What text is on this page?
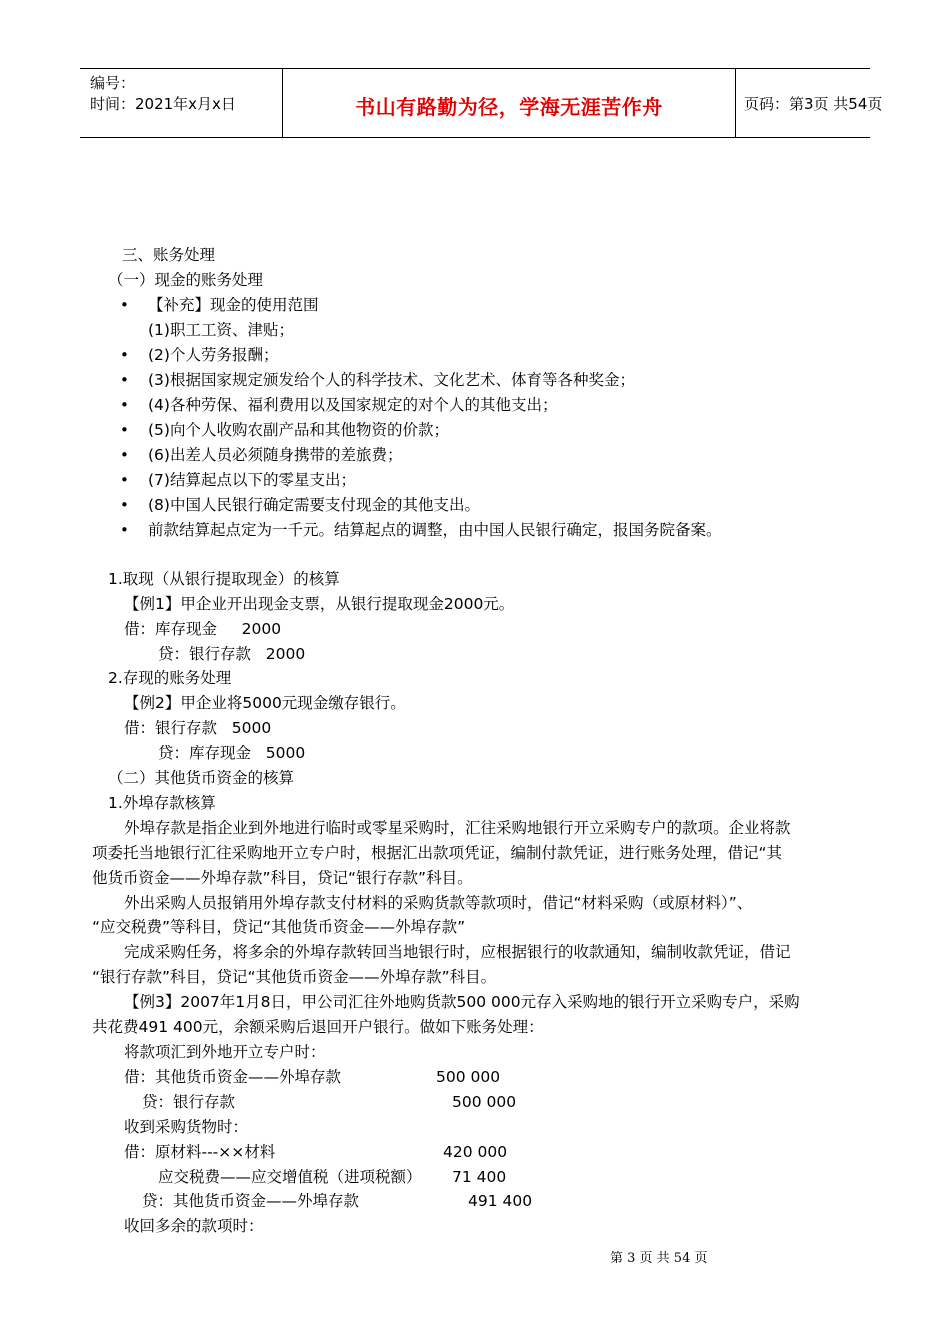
编号：
时间：2021年x月x日	书山有路勤为径，学海无涯苦作舟	页码：第3页 共54页
三、账务处理
（一）现金的账务处理
• 【补充】现金的使用范围
(1)职工工资、津贴；
• (2)个人劳务报酬；
• (3)根据国家规定颁发给个人的科学技术、文化艺术、体育等各种奖金；
• (4)各种劳保、福利费用以及国家规定的对个人的其他支出；
• (5)向个人收购农副产品和其他物资的价款；
• (6)出差人员必须随身携带的差旅费；
• (7)结算起点以下的零星支出；
• (8)中国人民银行确定需要支付现金的其他支出。
• 前款结算起点定为一千元。结算起点的调整，由中国人民银行确定，报国务院备案。
1.取现（从银行提取现金）的核算
【例1】甲企业开出现金支票，从银行提取现金2000元。
借：库存现金     2000
贷：银行存款   2000
2.存现的账务处理
【例2】甲企业将5000元现金缴存银行。
借：银行存款   5000
贷：库存现金   5000
（二）其他货币资金的核算
1.外埠存款核算
外埠存款是指企业到外地进行临时或零星采购时，汇往采购地银行开立采购专户的款项。企业将款
项委托当地银行汇往采购地开立专户时，根据汇出款项凭证，编制付款凭证，进行账务处理，借记“其
他货币资金——外埠存款”科目，贷记“银行存款”科目。
外出采购人员报销用外埠存款支付材料的采购货款等款项时，借记“材料采购（或原材料）”、
“应交税费”等科目，贷记“其他货币资金——外埠存款”
完成采购任务，将多余的外埠存款转回当地银行时，应根据银行的收款通知，编制收款凭证，借记
“银行存款”科目，贷记“其他货币资金——外埠存款”科目。
【例3】2007年1月8日，甲公司汇往外地购货款500 000元存入采购地的银行开立采购专户，采购
共花费491 400元，余额采购后退回开户银行。做如下账务处理：
将款项汇到外地开立专户时：
借：其他货币资金——外埠存款	500 000
贷：银行存款	500 000
收到采购货物时：
借：原材料---××材料	420 000
应交税费——应交增值税（进项税额） 71 400
贷：其他货币资金——外埠存款	491 400
收回多余的款项时：
第 3 页 共 54 页
